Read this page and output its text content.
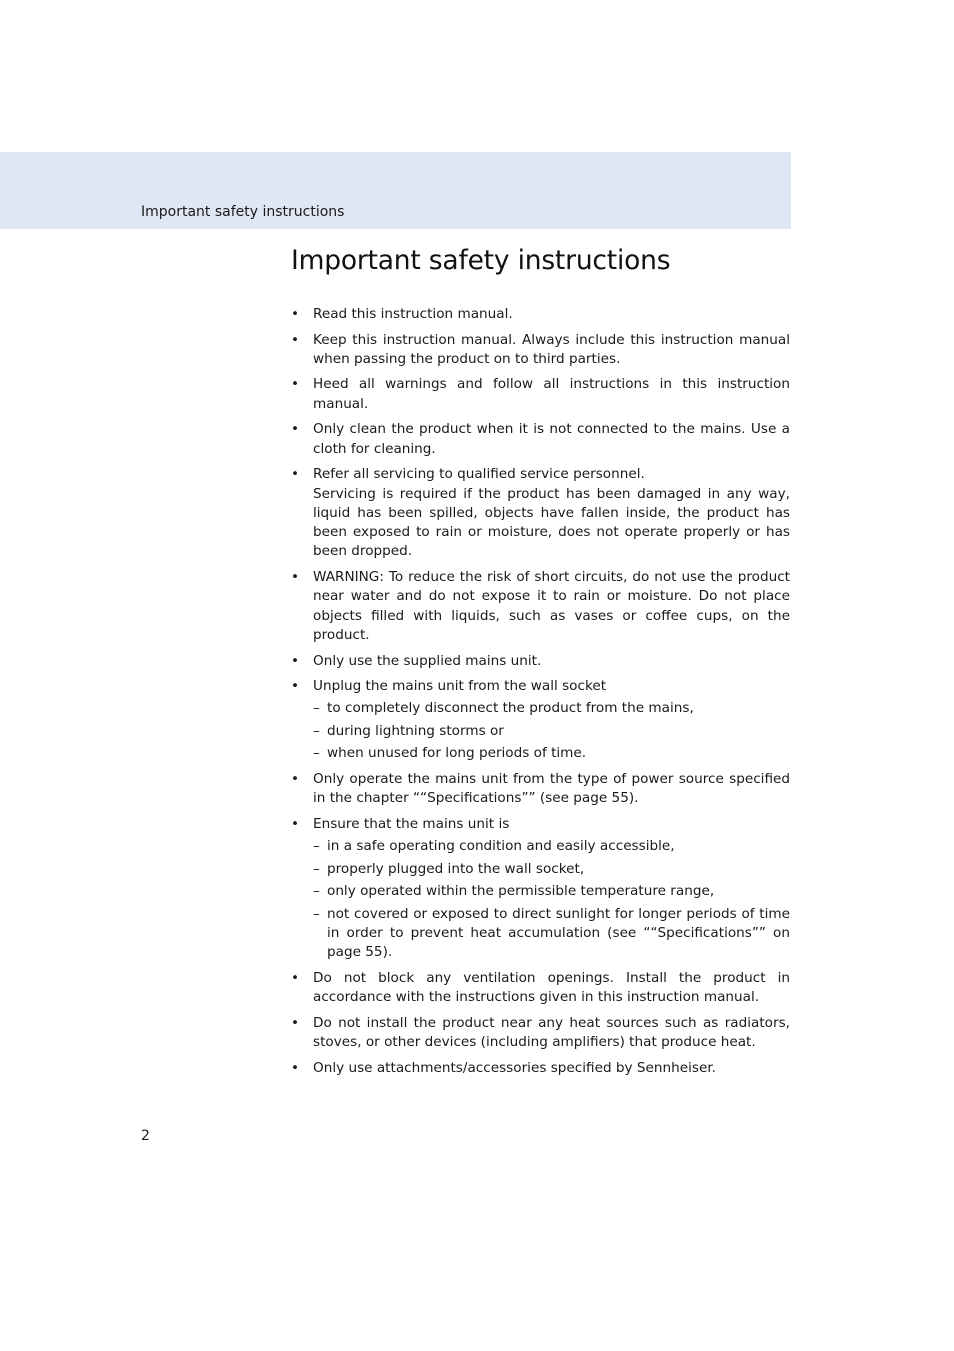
Important safety instructions
Important safety instructions
• Read this instruction manual.
• Keep this instruction manual. Always include this instruction manual when passing the product on to third parties.
• Heed all warnings and follow all instructions in this instruction manual.
• Only clean the product when it is not connected to the mains. Use a cloth for cleaning.
• Refer all servicing to qualified service personnel.
Servicing is required if the product has been damaged in any way, liquid has been spilled, objects have fallen inside, the product has been exposed to rain or moisture, does not operate properly or has been dropped.
• WARNING: To reduce the risk of short circuits, do not use the product near water and do not expose it to rain or moisture. Do not place objects filled with liquids, such as vases or coffee cups, on the product.
• Only use the supplied mains unit.
• Unplug the mains unit from the wall socket
– to completely disconnect the product from the mains,
– during lightning storms or
– when unused for long periods of time.
• Only operate the mains unit from the type of power source specified in the chapter ““Specifications”” (see page 55).
• Ensure that the mains unit is
– in a safe operating condition and easily accessible,
– properly plugged into the wall socket,
– only operated within the permissible temperature range,
– not covered or exposed to direct sunlight for longer periods of time in order to prevent heat accumulation (see ““Specifications”” on page 55).
• Do not block any ventilation openings. Install the product in accordance with the instructions given in this instruction manual.
• Do not install the product near any heat sources such as radiators, stoves, or other devices (including amplifiers) that produce heat.
• Only use attachments/accessories specified by Sennheiser.
2
